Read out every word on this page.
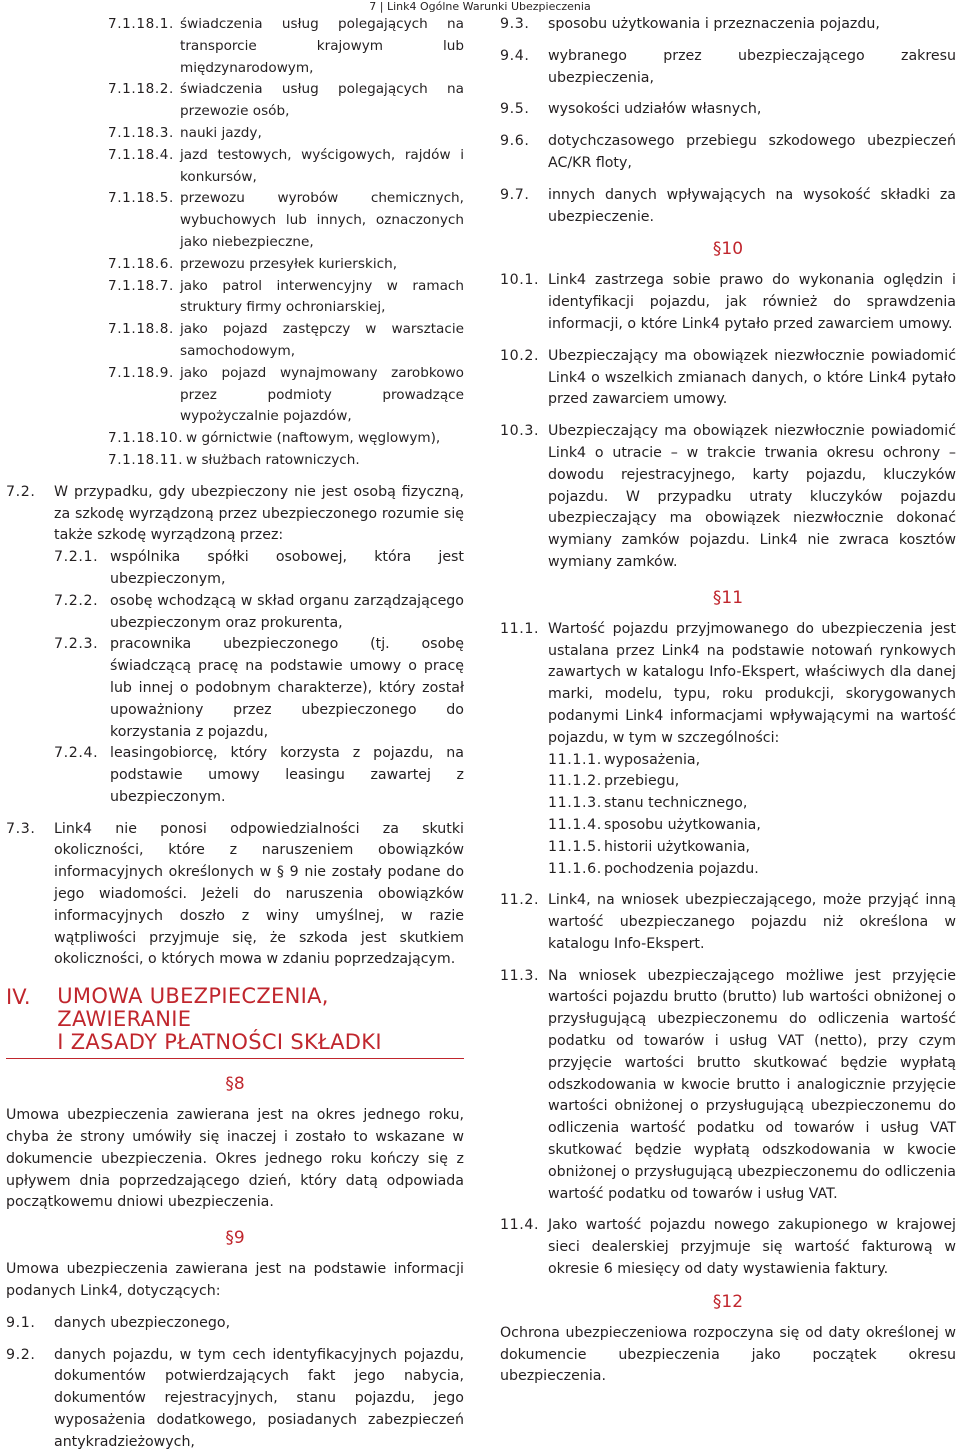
7 | Link4 Ogólne Warunki Ubezpieczenia
7.1.18.1. świadczenia usług polegających na transporcie krajowym lub międzynarodowym,
7.1.18.2. świadczenia usług polegających na przewozie osób,
7.1.18.3. nauki jazdy,
7.1.18.4. jazd testowych, wyścigowych, rajdów i konkursów,
7.1.18.5. przewozu wyrobów chemicznych, wybuchowych lub innych, oznaczonych jako niebezpieczne,
7.1.18.6. przewozu przesyłek kurierskich,
7.1.18.7. jako patrol interwencyjny w ramach struktury firmy ochroniarskiej,
7.1.18.8. jako pojazd zastępczy w warsztacie samochodowym,
7.1.18.9. jako pojazd wynajmowany zarobkowo przez podmioty prowadzące wypożyczalnie pojazdów,
7.1.18.10. w górnictwie (naftowym, węglowym),
7.1.18.11. w służbach ratowniczych.
7.2.	W przypadku, gdy ubezpieczony nie jest osobą fizyczną, za szkodę wyrządzoną przez ubezpieczonego rozumie się także szkodę wyrządzoną przez:
7.2.1. wspólnika spółki osobowej, która jest ubezpieczonym,
7.2.2. osobę wchodzącą w skład organu zarządzającego ubezpieczonym oraz prokurenta,
7.2.3. pracownika ubezpieczonego (tj. osobę świadczącą pracę na podstawie umowy o pracę lub innej o podobnym charakterze), który został upoważniony przez ubezpieczonego do korzystania z pojazdu,
7.2.4. leasingobiorcę, który korzysta z pojazdu, na podstawie umowy leasingu zawartej z ubezpieczonym.
7.3.	Link4 nie ponosi odpowiedzialności za skutki okoliczności, które z naruszeniem obowiązków informacyjnych określonych w § 9 nie zostały podane do jego wiadomości. Jeżeli do naruszenia obowiązków informacyjnych doszło z winy umyślnej, w razie wątpliwości przyjmuje się, że szkoda jest skutkiem okoliczności, o których mowa w zdaniu poprzedzającym.
IV.	UMOWA UBEZPIECZENIA, ZAWIERANIE
I ZASADY PŁATNOŚCI SKŁADKI
§8
Umowa ubezpieczenia zawierana jest na okres jednego roku, chyba że strony umówiły się inaczej i zostało to wskazane w dokumencie ubezpieczenia. Okres jednego roku kończy się z upływem dnia poprzedzającego dzień, który datą odpowiada początkowemu dniowi ubezpieczenia.
§9
Umowa ubezpieczenia zawierana jest na podstawie informacji podanych Link4, dotyczących:
9.1.	danych ubezpieczonego,
9.2.	danych pojazdu, w tym cech identyfikacyjnych pojazdu, dokumentów potwierdzających fakt jego nabycia, dokumentów rejestracyjnych, stanu pojazdu, jego wyposażenia dodatkowego, posiadanych zabezpieczeń antykradzieżowych,
9.3.	sposobu użytkowania i przeznaczenia pojazdu,
9.4.	wybranego przez ubezpieczającego zakresu ubezpieczenia,
9.5.	wysokości udziałów własnych,
9.6.	dotychczasowego przebiegu szkodowego ubezpieczeń AC/KR floty,
9.7.	innych danych wpływających na wysokość składki za ubezpieczenie.
§10
10.1. Link4 zastrzega sobie prawo do wykonania oględzin i identyfikacji pojazdu, jak również do sprawdzenia informacji, o które Link4 pytało przed zawarciem umowy.
10.2. Ubezpieczający ma obowiązek niezwłocznie powiadomić Link4 o wszelkich zmianach danych, o które Link4 pytało przed zawarciem umowy.
10.3. Ubezpieczający ma obowiązek niezwłocznie powiadomić Link4 o utracie – w trakcie trwania okresu ochrony – dowodu rejestracyjnego, karty pojazdu, kluczyków pojazdu. W przypadku utraty kluczyków pojazdu ubezpieczający ma obowiązek niezwłocznie dokonać wymiany zamków pojazdu. Link4 nie zwraca kosztów wymiany zamków.
§11
11.1. Wartość pojazdu przyjmowanego do ubezpieczenia jest ustalana przez Link4 na podstawie notowań rynkowych zawartych w katalogu Info-Ekspert, właściwych dla danej marki, modelu, typu, roku produkcji, skorygowanych podanymi Link4 informacjami wpływającymi na wartość pojazdu, w tym w szczególności:
11.1.1. wyposażenia,
11.1.2. przebiegu,
11.1.3. stanu technicznego,
11.1.4. sposobu użytkowania,
11.1.5. historii użytkowania,
11.1.6. pochodzenia pojazdu.
11.2. Link4, na wniosek ubezpieczającego, może przyjąć inną wartość ubezpieczanego pojazdu niż określona w katalogu Info-Ekspert.
11.3. Na wniosek ubezpieczającego możliwe jest przyjęcie wartości pojazdu brutto (brutto) lub wartości obniżonej o przysługującą ubezpieczonemu do odliczenia wartość podatku od towarów i usług VAT (netto), przy czym przyjęcie wartości brutto skutkować będzie wypłatą odszkodowania w kwocie brutto i analogicznie przyjęcie wartości obniżonej o przysługującą ubezpieczonemu do odliczenia wartość podatku od towarów i usług VAT skutkować będzie wypłatą odszkodowania w kwocie obniżonej o przysługującą ubezpieczonemu do odliczenia wartość podatku od towarów i usług VAT.
11.4. Jako wartość pojazdu nowego zakupionego w krajowej sieci dealerskiej przyjmuje się wartość fakturową w okresie 6 miesięcy od daty wystawienia faktury.
§12
Ochrona ubezpieczeniowa rozpoczyna się od daty określonej w dokumencie ubezpieczenia jako początek okresu ubezpieczenia.
